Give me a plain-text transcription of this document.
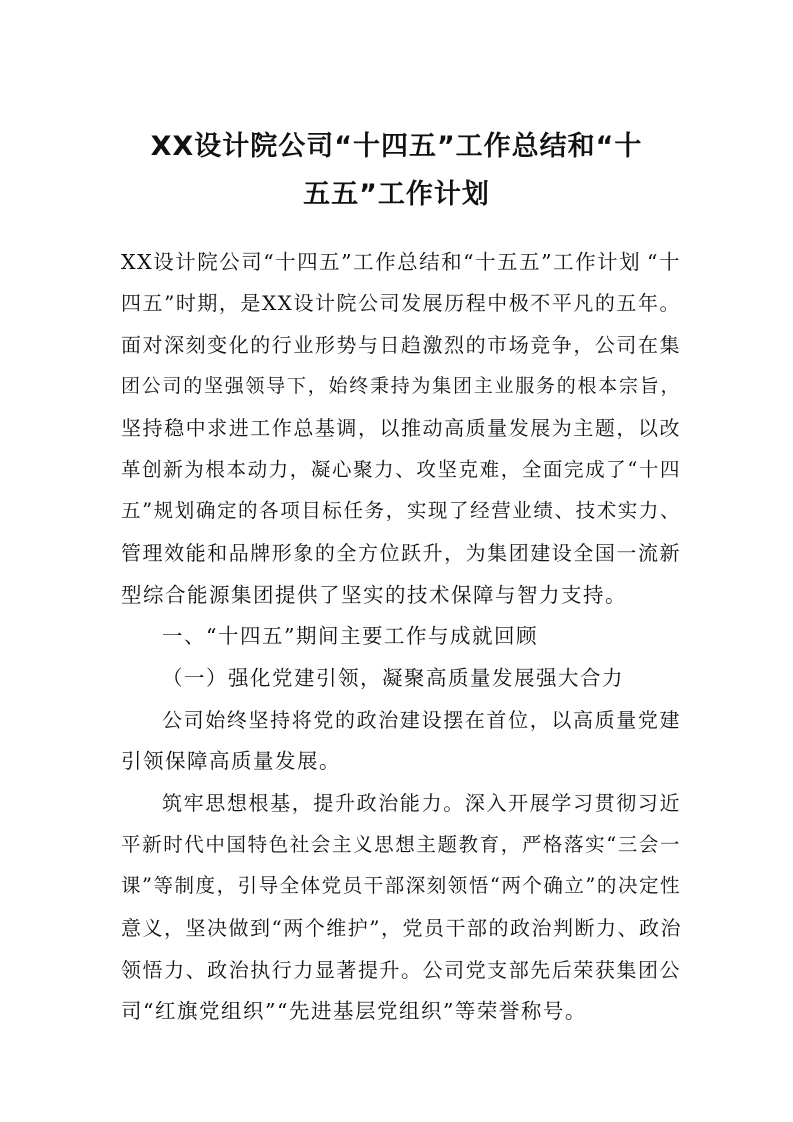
XX设计院公司“十四五”工作总结和“十
五五”工作计划
XX设计院公司“十四五”工作总结和“十五五”工作计划 “十
四五”时期，是XX设计院公司发展历程中极不平凡的五年。
面对深刻变化的行业形势与日趋激烈的市场竞争，公司在集
团公司的坚强领导下，始终秉持为集团主业服务的根本宗旨，
坚持稳中求进工作总基调，以推动高质量发展为主题，以改
革创新为根本动力，凝心聚力、攻坚克难，全面完成了“十四
五”规划确定的各项目标任务，实现了经营业绩、技术实力、
管理效能和品牌形象的全方位跃升，为集团建设全国一流新
型综合能源集团提供了坚实的技术保障与智力支持。
一、“十四五”期间主要工作与成就回顾
（一）强化党建引领，凝聚高质量发展强大合力
公司始终坚持将党的政治建设摆在首位，以高质量党建
引领保障高质量发展。
筑牢思想根基，提升政治能力。深入开展学习贯彻习近
平新时代中国特色社会主义思想主题教育，严格落实“三会一
课”等制度，引导全体党员干部深刻领悟“两个确立”的决定性
意义，坚决做到“两个维护”，党员干部的政治判断力、政治
领悟力、政治执行力显著提升。公司党支部先后荣获集团公
司“红旗党组织”“先进基层党组织”等荣誉称号。
